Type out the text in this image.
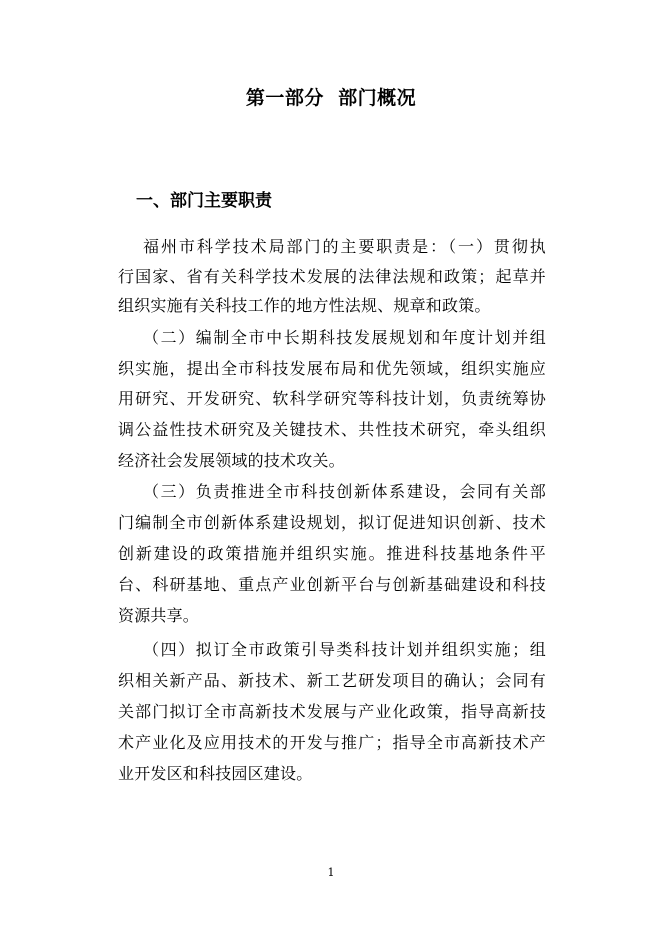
第一部分  部门概况
一、部门主要职责
福州市科学技术局部门的主要职责是：（一）贯彻执
行国家、省有关科学技术发展的法律法规和政策；起草并
组织实施有关科技工作的地方性法规、规章和政策。
（二）编制全市中长期科技发展规划和年度计划并组
织实施，提出全市科技发展布局和优先领域，组织实施应
用研究、开发研究、软科学研究等科技计划，负责统筹协
调公益性技术研究及关键技术、共性技术研究，牵头组织
经济社会发展领域的技术攻关。
（三）负责推进全市科技创新体系建设，会同有关部
门编制全市创新体系建设规划，拟订促进知识创新、技术
创新建设的政策措施并组织实施。推进科技基地条件平
台、科研基地、重点产业创新平台与创新基础建设和科技
资源共享。
（四）拟订全市政策引导类科技计划并组织实施；组
织相关新产品、新技术、新工艺研发项目的确认；会同有
关部门拟订全市高新技术发展与产业化政策，指导高新技
术产业化及应用技术的开发与推广；指导全市高新技术产
业开发区和科技园区建设。
1
